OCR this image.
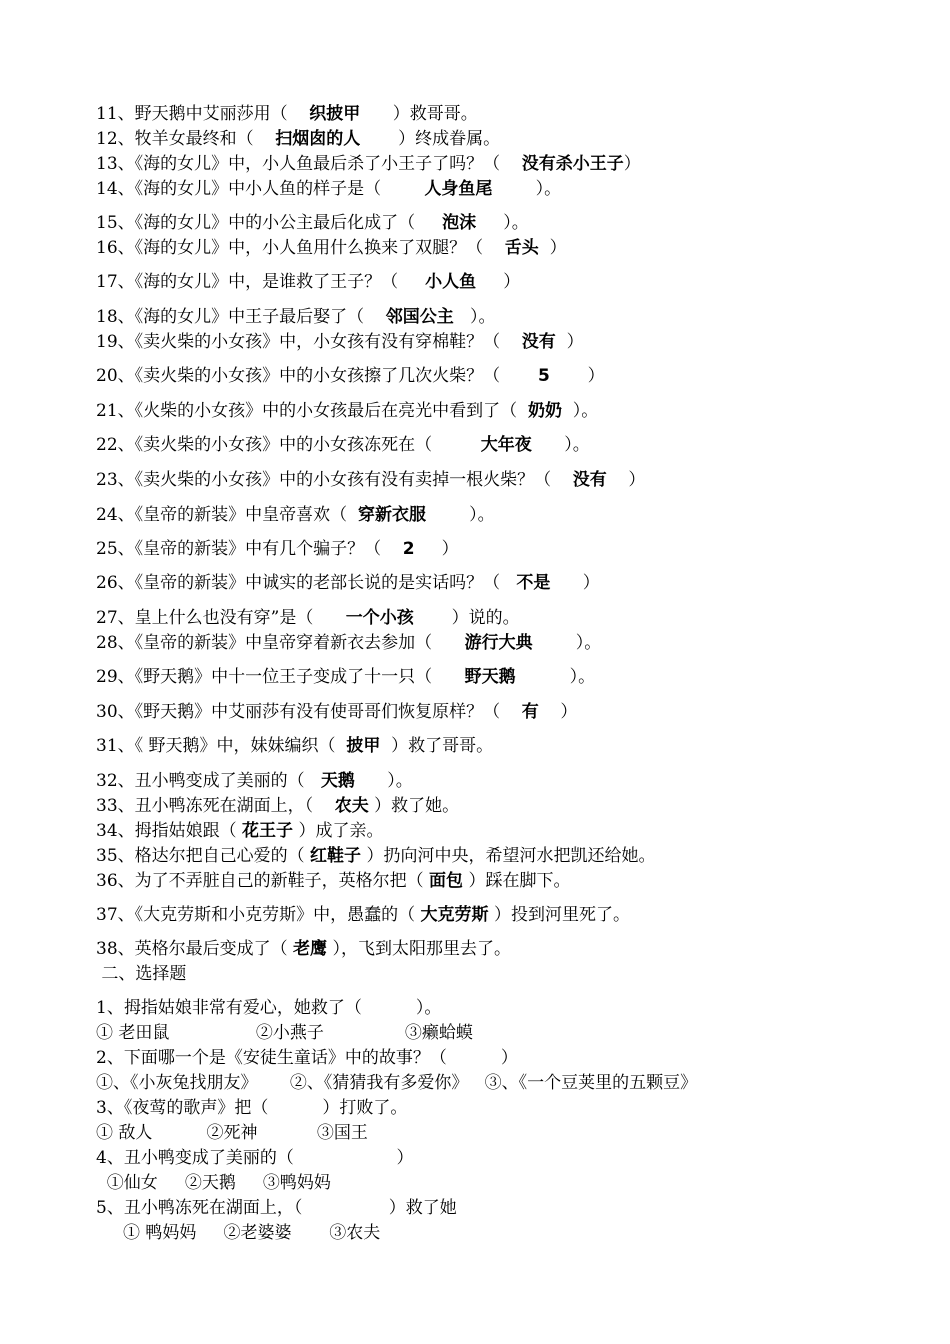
11、野天鹅中艾丽莎用（    织披甲      ）救哥哥。
12、牧羊女最终和（    扫烟囱的人       ）终成眷属。
13、《海的女儿》中，小人鱼最后杀了小王子了吗？（    没有杀小王子）
14、《海的女儿》中小人鱼的样子是（        人身鱼尾        ）。
15、《海的女儿》中的小公主最后化成了（     泡沫     ）。
16、《海的女儿》中，小人鱼用什么换来了双腿？（    舌头  ）
17、《海的女儿》中，是谁救了王子？（     小人鱼     ）
18、《海的女儿》中王子最后娶了（    邻国公主   ）。
19、《卖火柴的小女孩》中，小女孩有没有穿棉鞋？（    没有  ）
20、《卖火柴的小女孩》中的小女孩擦了几次火柴？（       5       ）
21、《火柴的小女孩》中的小女孩最后在亮光中看到了（  奶奶  ）。
22、《卖火柴的小女孩》中的小女孩冻死在（         大年夜      ）。
23、《卖火柴的小女孩》中的小女孩有没有卖掉一根火柴？（    没有    ）
24、《皇帝的新装》中皇帝喜欢（  穿新衣服        ）。
25、《皇帝的新装》中有几个骗子？（    2     ）
26、《皇帝的新装》中诚实的老部长说的是实话吗？（   不是      ）
27、皇上什么也没有穿”是（      一个小孩       ）说的。
28、《皇帝的新装》中皇帝穿着新衣去参加（      游行大典        ）。
29、《野天鹅》中十一位王子变成了十一只（      野天鹅          ）。
30、《野天鹅》中艾丽莎有没有使哥哥们恢复原样？（    有    ）
31、《 野天鹅》中，妹妹编织（  披甲  ）救了哥哥。
32、丑小鸭变成了美丽的（   天鹅      ）。
33、丑小鸭冻死在湖面上，（    农夫 ）救了她。
34、拇指姑娘跟（ 花王子 ）成了亲。
35、格达尔把自己心爱的（ 红鞋子 ）扔向河中央，希望河水把凯还给她。
36、为了不弄脏自己的新鞋子，英格尔把（ 面包 ）踩在脚下。
37、《大克劳斯和小克劳斯》中，愚蠢的（ 大克劳斯 ）投到河里死了。
38、英格尔最后变成了（ 老鹰 ），飞到太阳那里去了。
二、选择题
1、拇指姑娘非常有爱心，她救了（          ）。
① 老田鼠                ②小燕子               ③癞蛤蟆
2、下面哪一个是《安徒生童话》中的故事？（          ）
①、《小灰兔找朋友》      ②、《猜猜我有多爱你》   ③、《一个豆荚里的五颗豆》
3、《夜莺的歌声》把（          ）打败了。
① 敌人          ②死神           ③国王
4、丑小鸭变成了美丽的（                   ）
①仙女     ②天鹅     ③鸭妈妈
5、丑小鸭冻死在湖面上，（                ）救了她
① 鸭妈妈     ②老婆婆       ③农夫
